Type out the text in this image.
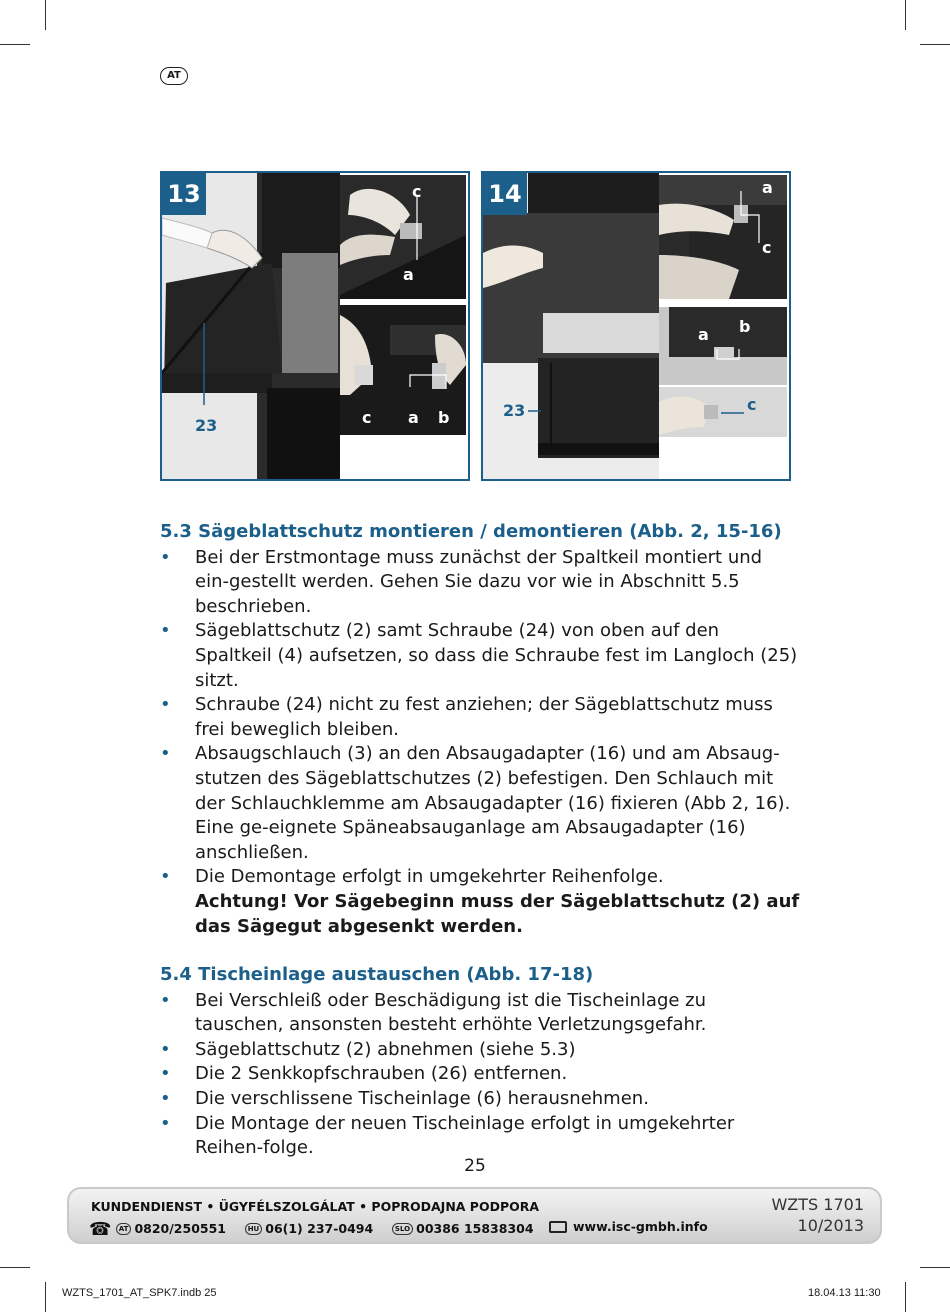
AT
13	c
a
c a b
23
14	a
c
a b
c
23
5.3 Sägeblattschutz montieren / demontieren (Abb. 2, 15-16)
• Bei der Erstmontage muss zunächst der Spaltkeil montiert und ein-gestellt werden. Gehen Sie dazu vor wie in Abschnitt 5.5 beschrieben.
• Sägeblattschutz (2) samt Schraube (24) von oben auf den Spaltkeil (4) aufsetzen, so dass die Schraube fest im Langloch (25) sitzt.
• Schraube (24) nicht zu fest anziehen; der Sägeblattschutz muss frei beweglich bleiben.
• Absaugschlauch (3) an den Absaugadapter (16) und am Absaug-stutzen des Sägeblattschutzes (2) befestigen. Den Schlauch mit der Schlauchklemme am Absaugadapter (16) fixieren (Abb 2, 16). Eine ge-eignete Späneabsauganlage am Absaugadapter (16) anschließen.
• Die Demontage erfolgt in umgekehrter Reihenfolge.
Achtung! Vor Sägebeginn muss der Sägeblattschutz (2) auf das Sägegut abgesenkt werden.
5.4 Tischeinlage austauschen (Abb. 17-18)
• Bei Verschleiß oder Beschädigung ist die Tischeinlage zu tauschen, ansonsten besteht erhöhte Verletzungsgefahr.
• Sägeblattschutz (2) abnehmen (siehe 5.3)
• Die 2 Senkkopfschrauben (26) entfernen.
• Die verschlissene Tischeinlage (6) herausnehmen.
• Die Montage der neuen Tischeinlage erfolgt in umgekehrter Reihen-folge.
25
KUNDENDIENST • ÜGYFÉLSZOLGÁLAT • POPRODAJNA PODPORA
☎ AT 0820/250551	HU 06(1) 237-0494	SLO 00386 15838304	www.isc-gmbh.info
WZTS 1701
10/2013
WZTS_1701_AT_SPK7.indb 25	18.04.13 11:30
